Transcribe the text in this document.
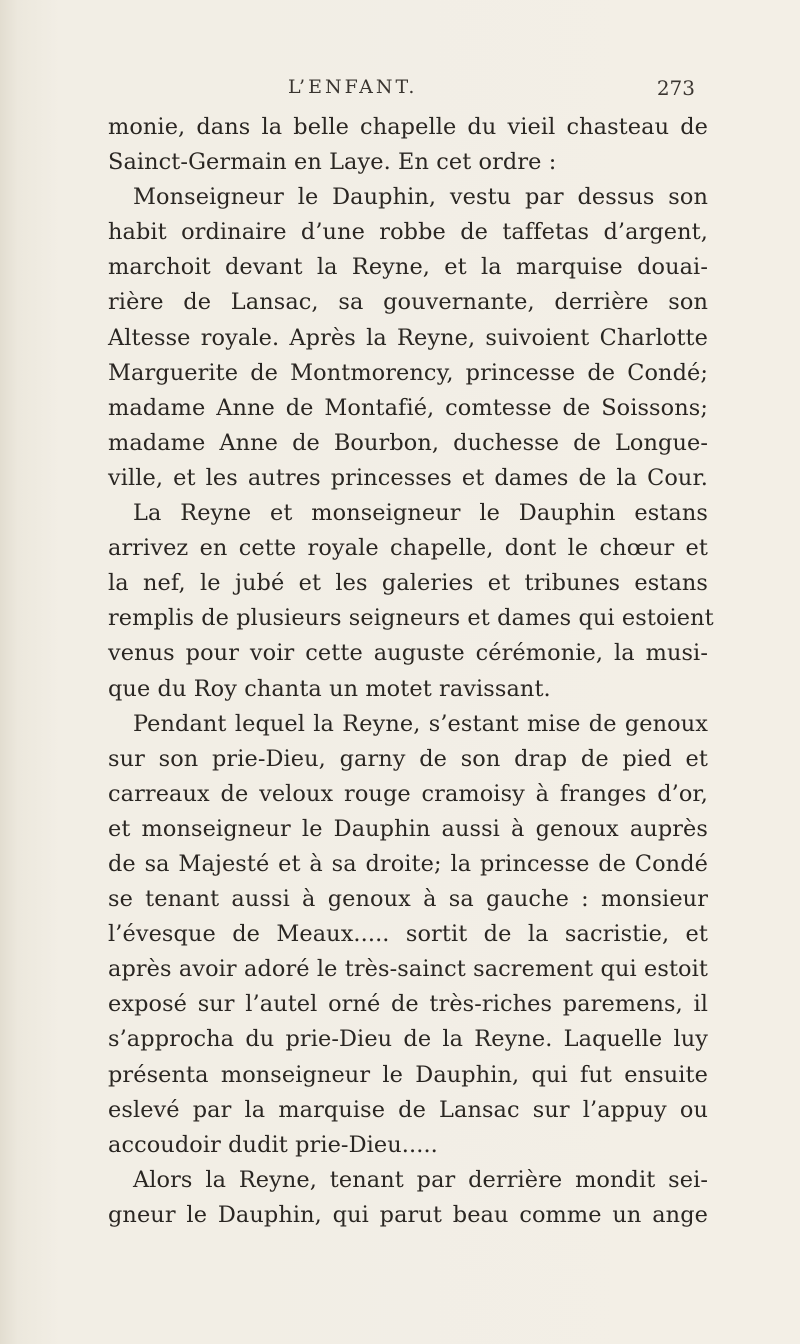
L’ENFANT.	273
monie, dans la belle chapelle du vieil chasteau de
Sainct-Germain en Laye. En cet ordre :
Monseigneur le Dauphin, vestu par dessus son
habit ordinaire d’une robbe de taffetas d’argent,
marchoit devant la Reyne, et la marquise douai-
rière de Lansac, sa gouvernante, derrière son
Altesse royale. Après la Reyne, suivoient Charlotte
Marguerite de Montmorency, princesse de Condé;
madame Anne de Montafié, comtesse de Soissons;
madame Anne de Bourbon, duchesse de Longue-
ville, et les autres princesses et dames de la Cour.
La Reyne et monseigneur le Dauphin estans
arrivez en cette royale chapelle, dont le chœur et
la nef, le jubé et les galeries et tribunes estans
remplis de plusieurs seigneurs et dames qui estoient
venus pour voir cette auguste cérémonie, la musi-
que du Roy chanta un motet ravissant.
Pendant lequel la Reyne, s’estant mise de genoux
sur son prie-Dieu, garny de son drap de pied et
carreaux de veloux rouge cramoisy à franges d’or,
et monseigneur le Dauphin aussi à genoux auprès
de sa Majesté et à sa droite; la princesse de Condé
se tenant aussi à genoux à sa gauche : monsieur
l’évesque de Meaux..... sortit de la sacristie, et
après avoir adoré le très-sainct sacrement qui estoit
exposé sur l’autel orné de très-riches paremens, il
s’approcha du prie-Dieu de la Reyne. Laquelle luy
présenta monseigneur le Dauphin, qui fut ensuite
eslevé par la marquise de Lansac sur l’appuy ou
accoudoir dudit prie-Dieu.....
Alors la Reyne, tenant par derrière mondit sei-
gneur le Dauphin, qui parut beau comme un ange
